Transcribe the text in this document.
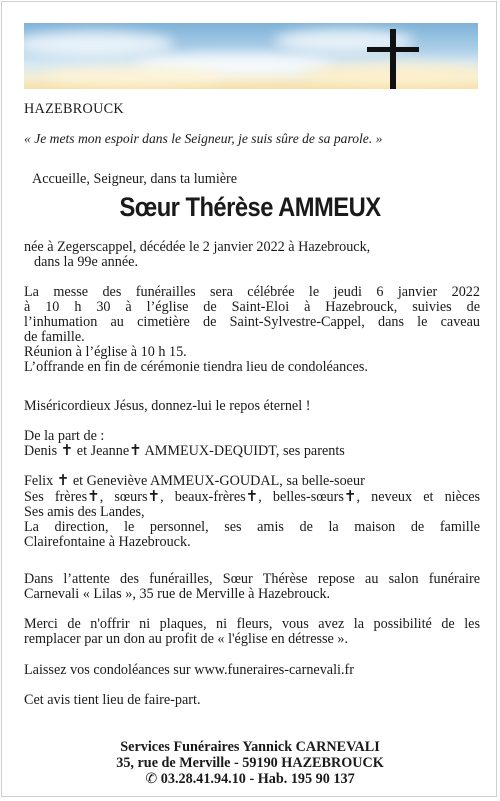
HAZEBROUCK
« Je mets mon espoir dans le Seigneur, je suis sûre de sa parole. »
Accueille, Seigneur, dans ta lumière
Sœur Thérèse AMMEUX
née à Zegerscappel, décédée le 2 janvier 2022 à Hazebrouck,
dans la 99e année.
La messe des funérailles sera célébrée le jeudi 6 janvier 2022
à 10 h 30 à l’église de Saint-Eloi à Hazebrouck, suivies de
l’inhumation au cimetière de Saint-Sylvestre-Cappel, dans le caveau
de famille.
Réunion à l’église à 10 h 15.
L’offrande en fin de cérémonie tiendra lieu de condoléances.
Miséricordieux Jésus, donnez-lui le repos éternel !
De la part de :
Denis ✝ et Jeanne✝ AMMEUX-DEQUIDT, ses parents
Felix ✝ et Geneviève AMMEUX-GOUDAL, sa belle-soeur
Ses frères✝, sœurs✝, beaux-frères✝, belles-sœurs✝, neveux et nièces
Ses amis des Landes,
La direction, le personnel, ses amis de la maison de famille
Clairefontaine à Hazebrouck.
Dans l’attente des funérailles, Sœur Thérèse repose au salon funéraire
Carnevali « Lilas », 35 rue de Merville à Hazebrouck.
Merci de n'offrir ni plaques, ni fleurs, vous avez la possibilité de les
remplacer par un don au profit de « l'église en détresse ».
Laissez vos condoléances sur www.funeraires-carnevali.fr
Cet avis tient lieu de faire-part.
Services Funéraires Yannick CARNEVALI
35, rue de Merville - 59190 HAZEBROUCK
✆ 03.28.41.94.10 - Hab. 195 90 137
